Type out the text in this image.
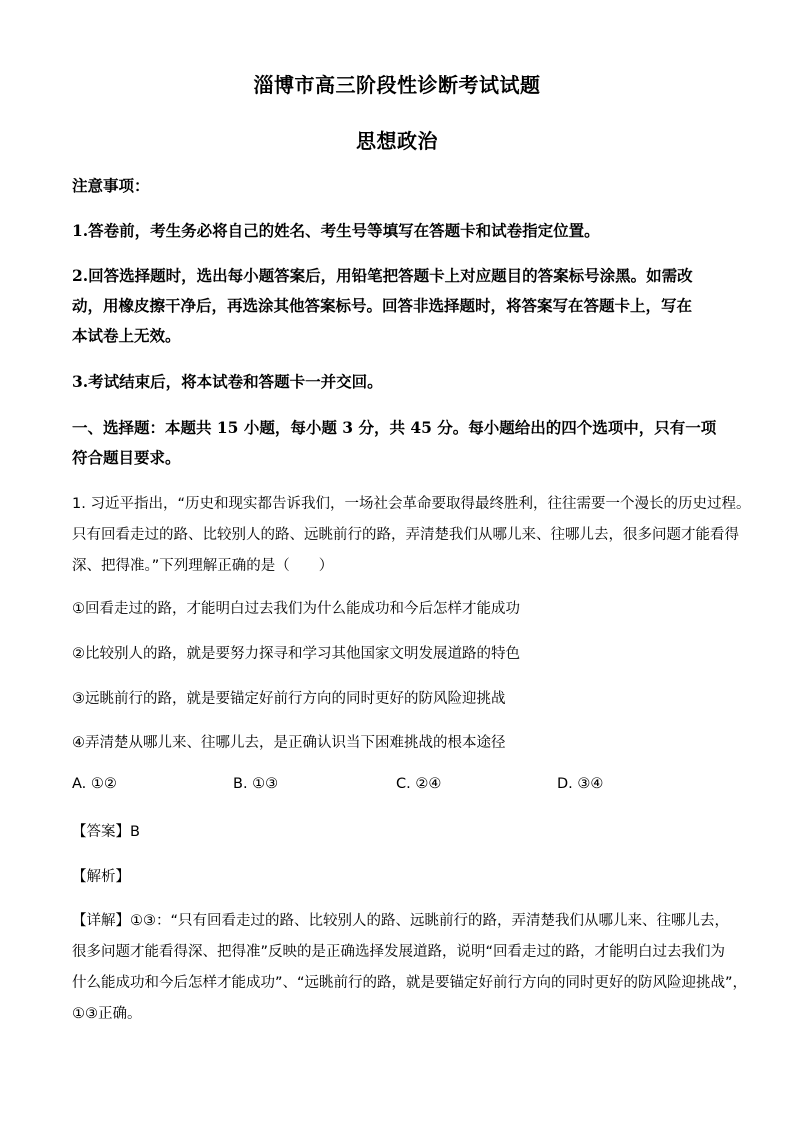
淄博市高三阶段性诊断考试试题
思想政治
注意事项：
1.答卷前，考生务必将自己的姓名、考生号等填写在答题卡和试卷指定位置。
2.回答选择题时，选出每小题答案后，用铅笔把答题卡上对应题目的答案标号涂黑。如需改
动，用橡皮擦干净后，再选涂其他答案标号。回答非选择题时，将答案写在答题卡上，写在
本试卷上无效。
3.考试结束后，将本试卷和答题卡一并交回。
一、选择题：本题共 15 小题，每小题 3 分，共 45 分。每小题给出的四个选项中，只有一项
符合题目要求。
1. 习近平指出，“历史和现实都告诉我们，一场社会革命要取得最终胜利，往往需要一个漫长的历史过程。
只有回看走过的路、比较别人的路、远眺前行的路，弄清楚我们从哪儿来、往哪儿去，很多问题才能看得
深、把得准。”下列理解正确的是（　　）
①回看走过的路，才能明白过去我们为什么能成功和今后怎样才能成功
②比较别人的路，就是要努力探寻和学习其他国家文明发展道路的特色
③远眺前行的路，就是要锚定好前行方向的同时更好的防风险迎挑战
④弄清楚从哪儿来、往哪儿去，是正确认识当下困难挑战的根本途径
A. ①②	B. ①③	C. ②④	D. ③④
【答案】B
【解析】
【详解】①③：“只有回看走过的路、比较别人的路、远眺前行的路，弄清楚我们从哪儿来、往哪儿去，
很多问题才能看得深、把得准”反映的是正确选择发展道路，说明“回看走过的路，才能明白过去我们为
什么能成功和今后怎样才能成功”、“远眺前行的路，就是要锚定好前行方向的同时更好的防风险迎挑战”，
①③正确。
